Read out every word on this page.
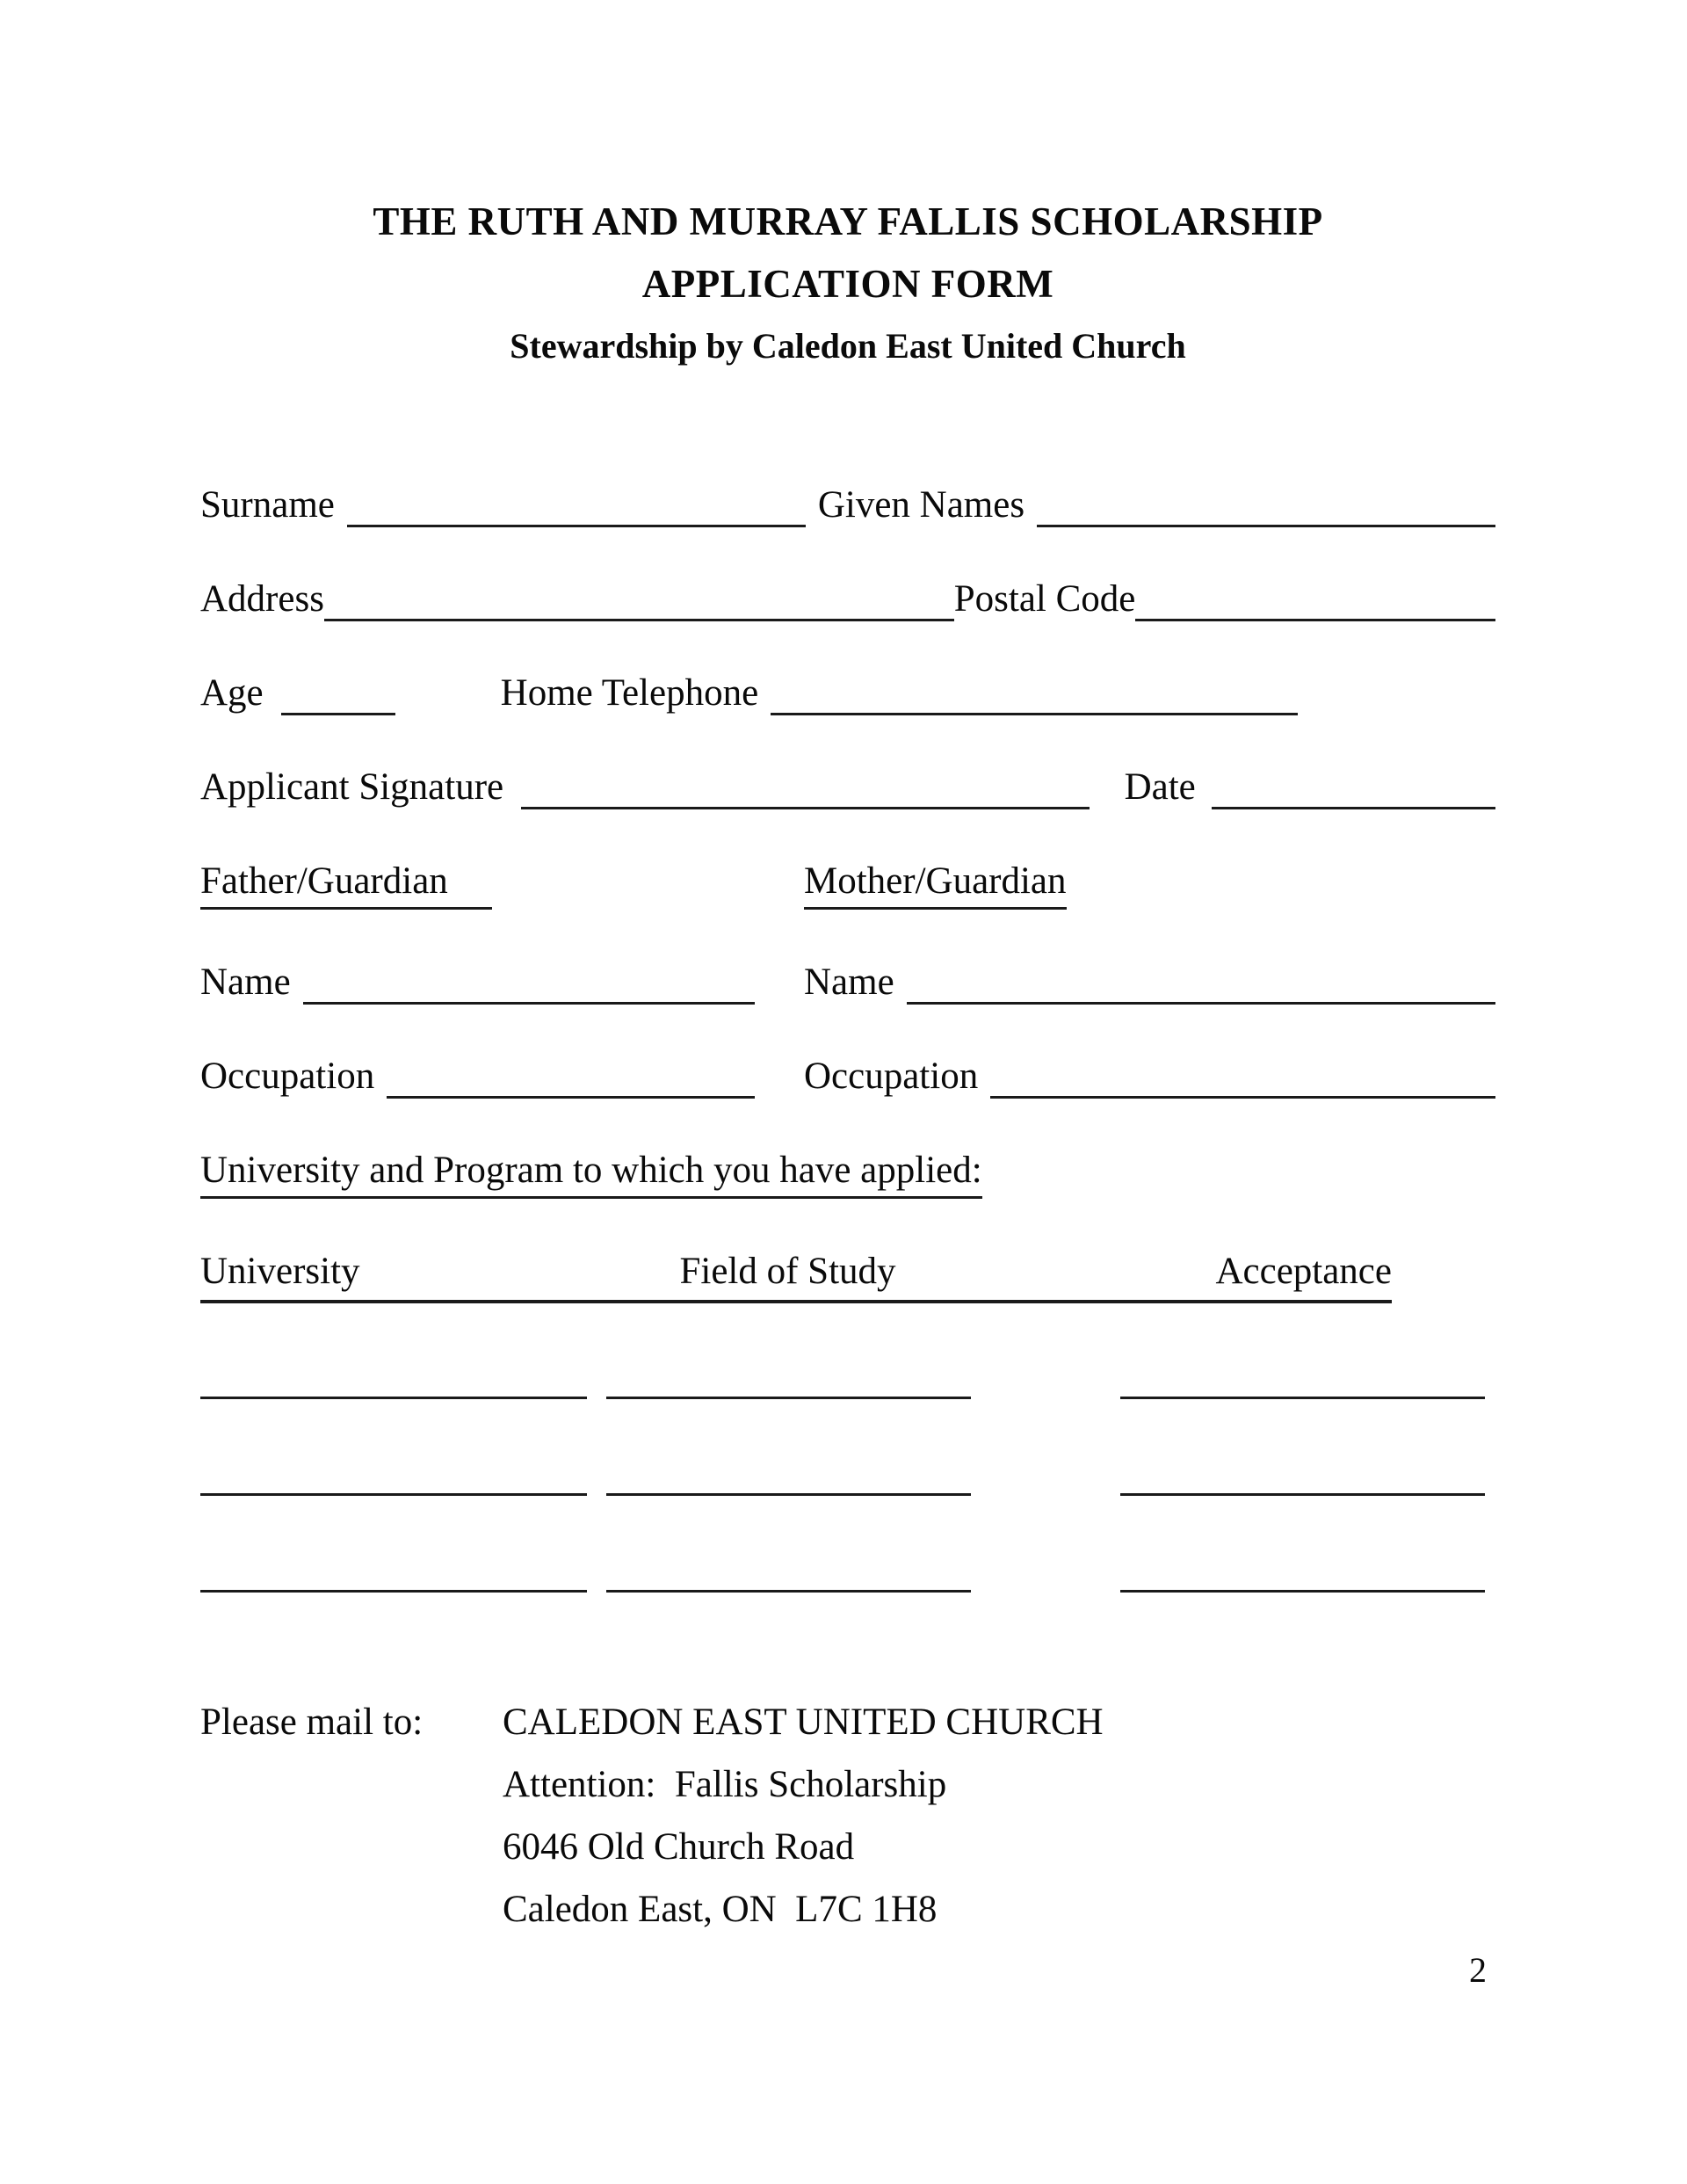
THE RUTH AND MURRAY FALLIS SCHOLARSHIP
APPLICATION FORM
Stewardship by Caledon East United Church
Surname	Given Names
Address	Postal Code
Age	Home Telephone
Applicant Signature	Date
Father/Guardian	Mother/Guardian
Name	Name
Occupation	Occupation
University and Program to which you have applied:
University	Field of Study	Acceptance
Please mail to:	CALEDON EAST UNITED CHURCH
Attention:  Fallis Scholarship
6046 Old Church Road
Caledon East, ON  L7C 1H8
2
